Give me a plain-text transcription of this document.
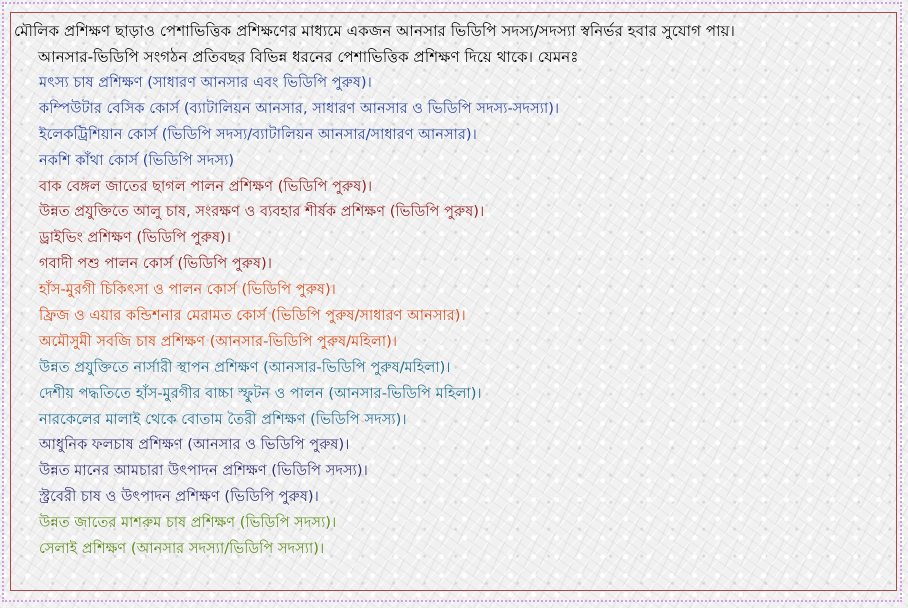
মৌলিক প্রশিক্ষণ ছাড়াও পেশাভিত্তিক প্রশিক্ষণের মাধ্যমে একজন আনসার ভিডিপি সদস্য/সদস্যা স্বনির্ভর হবার সুযোগ পায়।
আনসার-ভিডিপি সংগঠন প্রতিবছর বিভিন্ন ধরনের পেশাভিত্তিক প্রশিক্ষণ দিয়ে থাকে। যেমনঃ
মৎস্য চাষ প্রশিক্ষণ (সাধারণ আনসার এবং ভিডিপি পুরুষ)।
কম্পিউটার বেসিক কোর্স (ব্যাটালিয়ন আনসার, সাধারণ আনসার ও ভিডিপি সদস্য-সদস্যা)।
ইলেকট্রিশিয়ান কোর্স (ভিডিপি সদস্য/ব্যাটালিয়ন আনসার/সাধারণ আনসার)।
নকশি কাঁথা কোর্স (ভিডিপি সদস্য)
বাক বেঙ্গল জাতের ছাগল পালন প্রশিক্ষণ (ভিডিপি পুরুষ)।
উন্নত প্রযুক্তিতে আলু চাষ, সংরক্ষণ ও ব্যবহার শীর্ষক প্রশিক্ষণ (ভিডিপি পুরুষ)।
ড্রাইভিং প্রশিক্ষণ (ভিডিপি পুরুষ)।
গবাদী পশু পালন কোর্স (ভিডিপি পুরুষ)।
হাঁস-মুরগী চিকিৎসা ও পালন কোর্স (ভিডিপি পুরুষ)।
ফ্রিজ ও এয়ার কন্ডিশনার মেরামত কোর্স (ভিডিপি পুরুষ/সাধারণ আনসার)।
অমৌসুমী সবজি চাষ প্রশিক্ষণ (আনসার-ভিডিপি পুরুষ/মহিলা)।
উন্নত প্রযুক্তিতে নার্সারী স্থাপন প্রশিক্ষণ (আনসার-ভিডিপি পুরুষ/মহিলা)।
দেশীয় পদ্ধতিতে হাঁস-মুরগীর বাচ্চা স্ফুটন ও পালন (আনসার-ভিডিপি মহিলা)।
নারকেলের মালাই থেকে বোতাম তৈরী প্রশিক্ষণ (ভিডিপি সদস্য)।
আধুনিক ফলচাষ প্রশিক্ষণ (আনসার ও ভিডিপি পুরুষ)।
উন্নত মানের আমচারা উৎপাদন প্রশিক্ষণ (ভিডিপি সদস্য)।
স্ট্রবেরী চাষ ও উৎপাদন প্রশিক্ষণ (ভিডিপি পুরুষ)।
উন্নত জাতের মাশরুম চাষ প্রশিক্ষণ (ভিডিপি সদস্য)।
সেলাই প্রশিক্ষণ (আনসার সদস্যা/ভিডিপি সদস্যা)।
